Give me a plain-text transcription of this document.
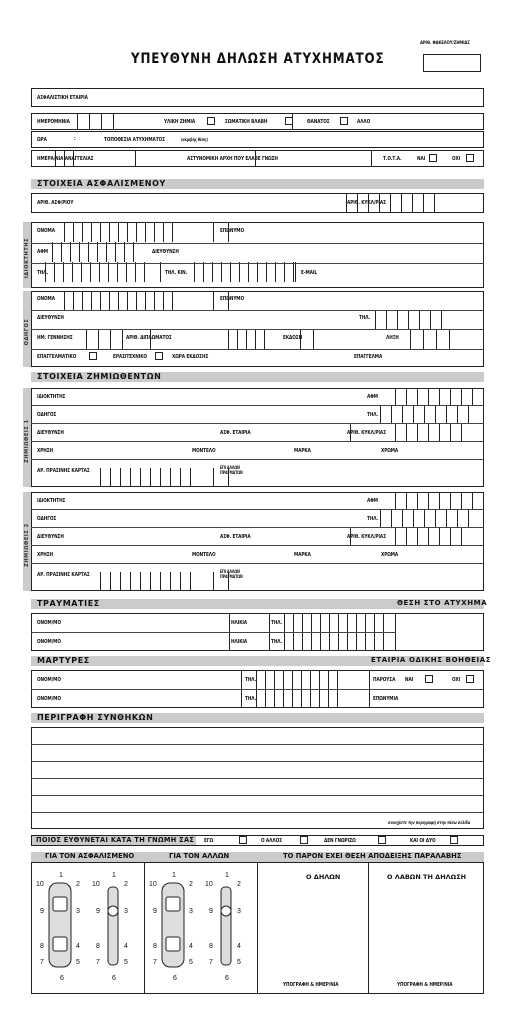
ΑΡΙΘ. ΦΑΚΕΛΟΥ/ΖΗΜΙΑΣ
ΥΠΕΥΘΥΝΗ ΔΗΛΩΣΗ ΑΤΥΧΗΜΑΤΟΣ
ΑΣΦΑΛΙΣΤΙΚΗ ΕΤΑΙΡΙΑ
ΗΜΕΡΟΜΗΝΙΑ	ΥΛΙΚΗ ΖΗΜΙΑ	ΣΩΜΑΤΙΚΗ ΒΛΑΒΗ	ΘΑΝΑΤΟΣ	ΑΛΛΟ
ΩΡΑ	:	ΤΟΠΟΘΕΣΙΑ ΑΤΥΧΗΜΑΤΟΣ	(ακριβής θέση)
ΗΜΕΡΑ/ΝΙΑ ΑΝΑΓΓΕΛΙΑΣ	ΑΣΤΥΝΟΜΙΚΗ ΑΡΧΗ ΠΟΥ ΕΛΑΒΕ ΓΝΩΣΗ	Τ.Ο.Τ.Α.	ΝΑΙ	ΟΧΙ
ΣΤΟΙΧΕΙΑ ΑΣΦΑΛΙΣΜΕΝΟΥ
ΑΡΙΘ. ΑΣΦ/ΡΙΟΥ	ΑΡΙΘ. ΚΥΚΛ/ΡΙΑΣ
ΙΔΙΟΚΤΗΤΗΣ
ΟΝΟΜΑ	ΕΠΩΝΥΜΟ
ΑΦΜ	ΔΙΕΥΘΥΝΣΗ
ΤΗΛ.	ΤΗΛ. ΚΙΝ.	E-MAIL
ΟΔΗΓΟΣ
ΟΝΟΜΑ	ΕΠΩΝΥΜΟ
ΔΙΕΥΘΥΝΣΗ	ΤΗΛ.
ΗΜ. ΓΕΝΝΗΣΗΣ	ΑΡΙΘ. ΔΙΠΛΩΜΑΤΟΣ	ΕΚΔΟΣΗ	ΛΗΞΗ
ΕΠΑΓΓΕΛΜΑΤΙΚΟ	ΕΡΑΣΙΤΕΧΝΙΚΟ	ΧΩΡΑ ΕΚΔΟΣΗΣ	ΕΠΑΓΓΕΛΜΑ
ΣΤΟΙΧΕΙΑ ΖΗΜΙΩΘΕΝΤΩΝ
ΖΗΜΙΩΘΕΙΣ 1
ΙΔΙΟΚΤΗΤΗΣ	ΑΦΜ
ΟΔΗΓΟΣ	ΤΗΛ.
ΔΙΕΥΘΥΝΣΗ	ΑΣΦ. ΕΤΑΙΡΙΑ	ΑΡΙΘ. ΚΥΚΛ/ΡΙΑΣ
ΧΡΗΣΗ	ΜΟΝΤΕΛΟ	ΜΑΡΚΑ	ΧΡΩΜΑ
ΑΡ. ΠΡΑΣΙΝΗΣ ΚΑΡΤΑΣ
ΕΠΙ ΑΛΛΩΝ
ΠΡΑΓΜΑΤΩΝ
ΖΗΜΙΩΘΕΙΣ 2
ΙΔΙΟΚΤΗΤΗΣ	ΑΦΜ
ΟΔΗΓΟΣ	ΤΗΛ.
ΔΙΕΥΘΥΝΣΗ	ΑΣΦ. ΕΤΑΙΡΙΑ	ΑΡΙΘ. ΚΥΚΛ/ΡΙΑΣ
ΧΡΗΣΗ	ΜΟΝΤΕΛΟ	ΜΑΡΚΑ	ΧΡΩΜΑ
ΑΡ. ΠΡΑΣΙΝΗΣ ΚΑΡΤΑΣ
ΕΠΙ ΑΛΛΩΝ
ΠΡΑΓΜΑΤΩΝ
ΤΡΑΥΜΑΤΙΕΣ	ΘΕΣΗ ΣΤΟ ΑΤΥΧΗΜΑ
ΟΝΟΜ/ΜΟ	ΗΛΙΚΙΑ	ΤΗΛ.
ΟΝΟΜ/ΜΟ	ΗΛΙΚΙΑ	ΤΗΛ.
ΜΑΡΤΥΡΕΣ	ΕΤΑΙΡΙΑ ΟΔΙΚΗΣ ΒΟΗΘΕΙΑΣ
ΟΝΟΜ/ΜΟ	ΤΗΛ.	ΠΑΡΟΥΣΑ ΝΑΙ	ΟΧΙ
ΟΝΟΜ/ΜΟ	ΤΗΛ.	ΕΠΩΝΥΜΙΑ
ΠΕΡΙΓΡΑΦΗ ΣΥΝΘΗΚΩΝ
συνεχίστε την περιγραφή στην πίσω σελίδα
ΠΟΙΟΣ ΕΥΘΥΝΕΤΑΙ ΚΑΤΑ ΤΗ ΓΝΩΜΗ ΣΑΣ ΕΓΩ	Ο ΑΛΛΟΣ	ΔΕΝ ΓΝΩΡΙΖΩ	ΚΑΙ ΟΙ ΔΥΟ
ΓΙΑ ΤΟΝ ΑΣΦΑΛΙΣΜΕΝΟ	ΓΙΑ ΤΟΝ ΑΛΛΩΝ	ΤΟ ΠΑΡΟΝ ΕΧΕΙ ΘΕΣΗ ΑΠΟΔΕΙΞΗΣ ΠΑΡΑΛΑΒΗΣ
1
2
3
4
5
6
7
8
9
10
1
2
3
4
5
6
7
8
9
10
1
2
3
4
5
6
7
8
9
10
1
2
3
4
5
6
7
8
9
10
Ο ΔΗΛΩΝ	Ο ΛΑΒΩΝ ΤΗ ΔΗΛΩΣΗ
ΥΠΟΓΡΑΦΗ & ΗΜΕΡ/ΝΙΑ	ΥΠΟΓΡΑΦΗ & ΗΜΕΡ/ΝΙΑ
